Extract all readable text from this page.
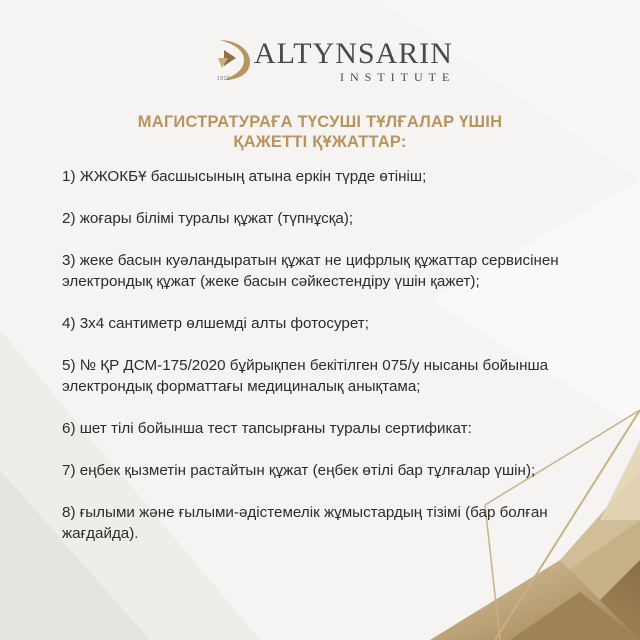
ALTYNSARIN
INSTITUTE
1972
МАГИСТРАТУРАҒА ТҮСУШІ ТҰЛҒАЛАР ҮШІН
ҚАЖЕТТІ ҚҰЖАТТАР:
1) ЖЖОКБҰ басшысының атына еркін түрде өтініш;
2) жоғары білімі туралы құжат (түпнұсқа);
3) жеке басын куәландыратын құжат не цифрлық құжаттар сервисінен электрондық құжат (жеке басын сәйкестендіру үшін қажет);
4) 3х4 сантиметр өлшемді алты фотосурет;
5) № ҚР ДСМ-175/2020 бұйрықпен бекітілген 075/у нысаны бойынша электрондық форматтағы медициналық анықтама;
6) шет тілі бойынша тест тапсырғаны туралы сертификат:
7) еңбек қызметін растайтын құжат (еңбек өтілі бар тұлғалар үшін);
8) ғылыми және ғылыми-әдістемелік жұмыстардың тізімі (бар болған жағдайда).
